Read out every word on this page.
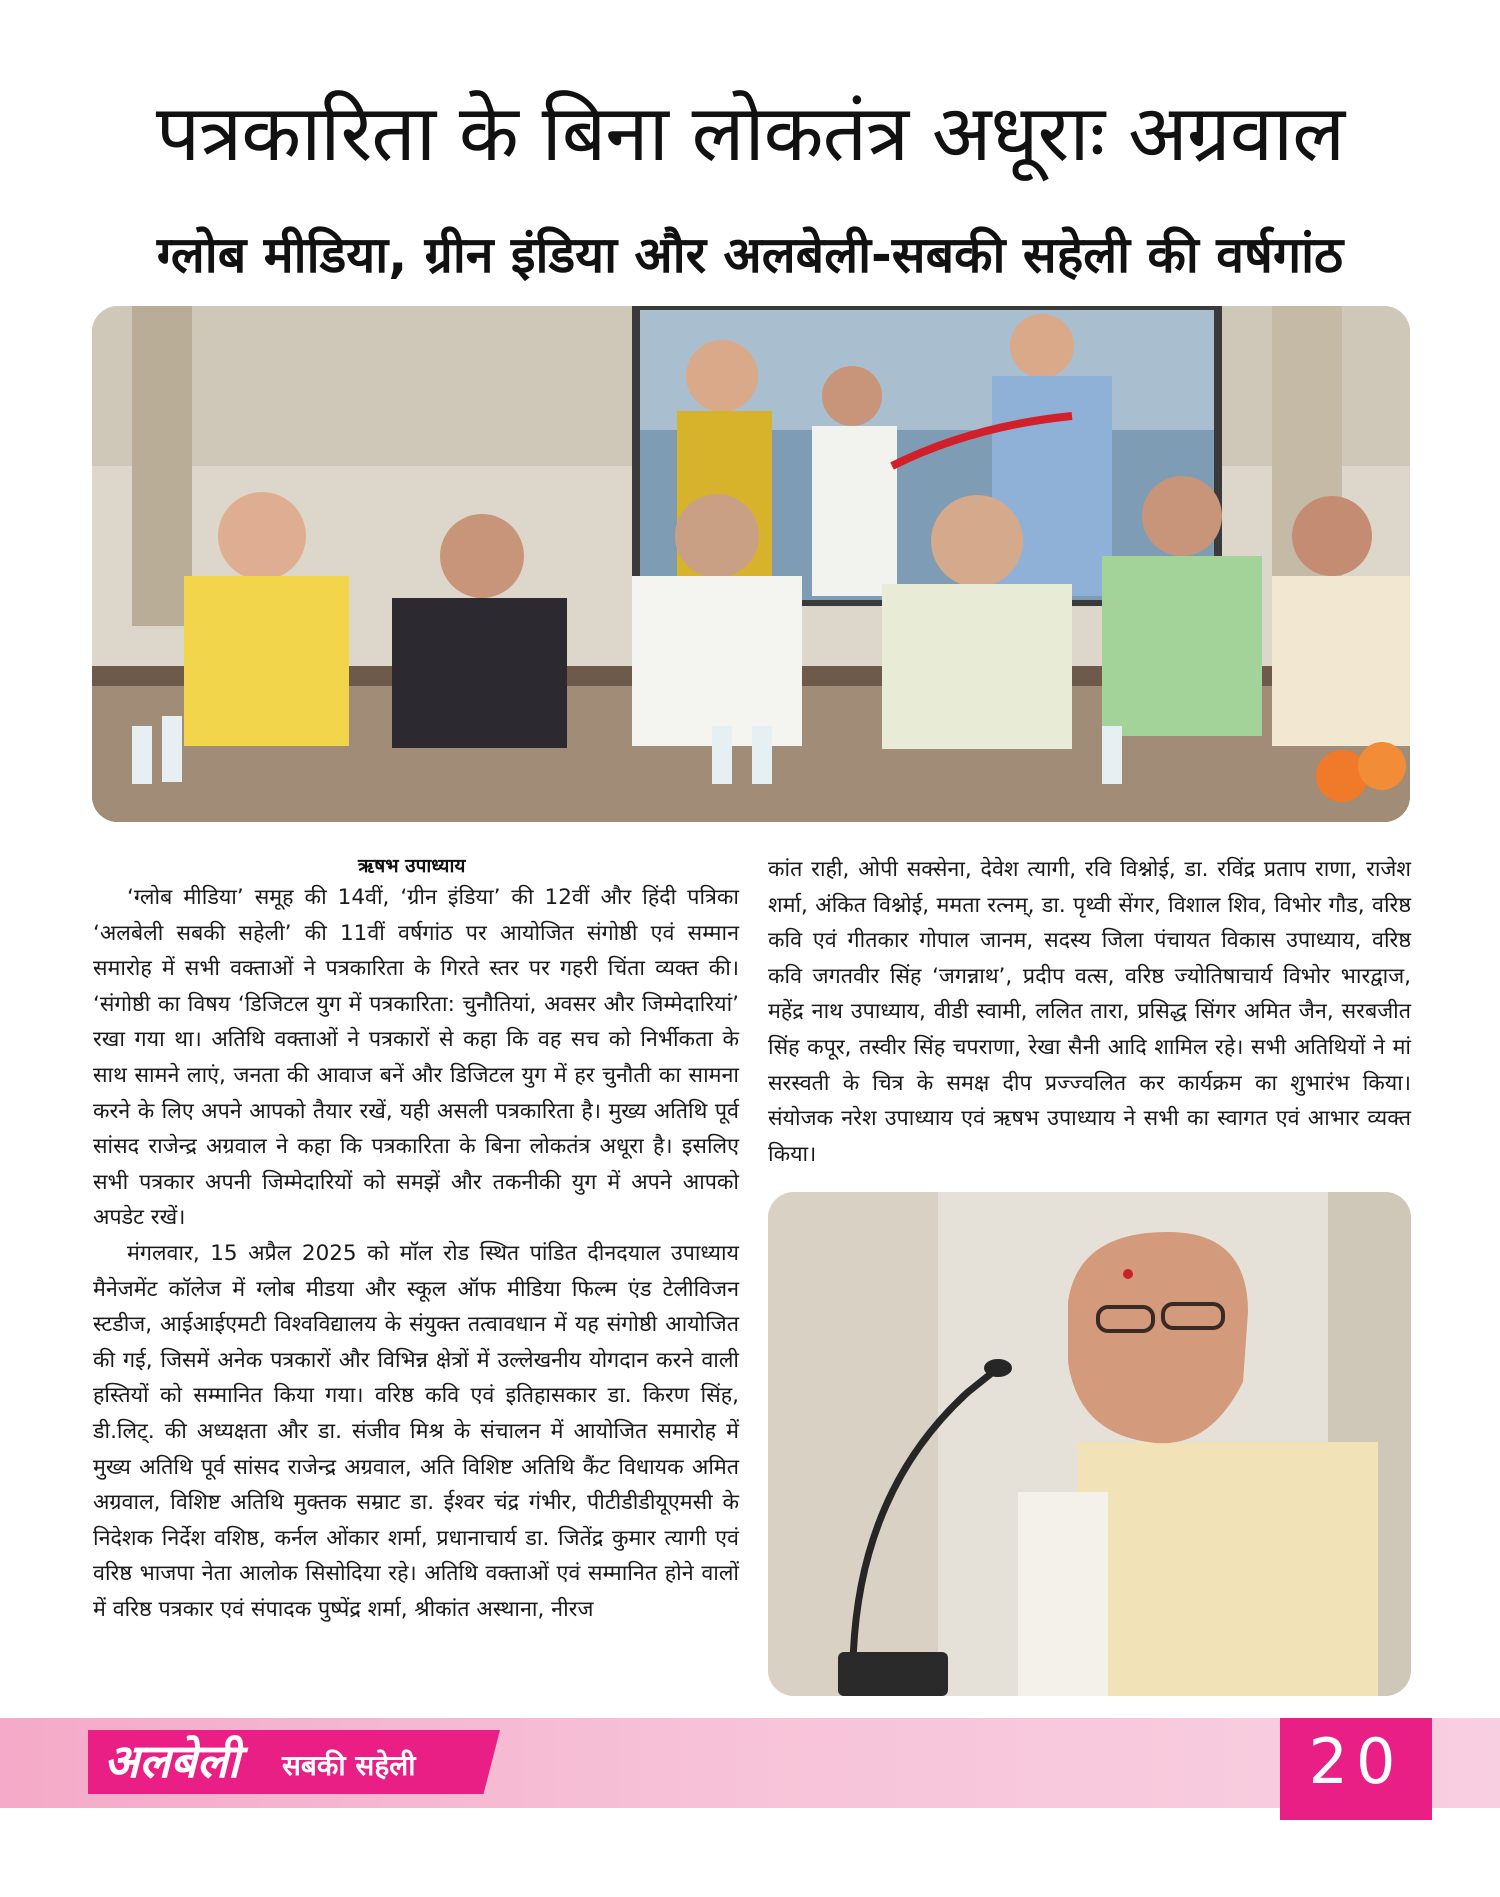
पत्रकारिता के बिना लोकतंत्र अधूराः अग्रवाल
ग्लोब मीडिया, ग्रीन इंडिया और अलबेली-सबकी सहेली की वर्षगांठ
ऋषभ उपाध्याय

‘ग्लोब मीडिया’ समूह की 14वीं, ‘ग्रीन इंडिया’ की 12वीं और हिंदी पत्रिका ‘अलबेली सबकी सहेली’ की 11वीं वर्षगांठ पर आयोजित संगोष्ठी एवं सम्मान समारोह में सभी वक्ताओं ने पत्रकारिता के गिरते स्तर पर गहरी चिंता व्यक्त की। ‘संगोष्ठी का विषय ‘डिजिटल युग में पत्रकारिता: चुनौतियां, अवसर और जिम्मेदारियां’ रखा गया था। अतिथि वक्ताओं ने पत्रकारों से कहा कि वह सच को निर्भीकता के साथ सामने लाएं, जनता की आवाज बनें और डिजिटल युग में हर चुनौती का सामना करने के लिए अपने आपको तैयार रखें, यही असली पत्रकारिता है। मुख्य अतिथि पूर्व सांसद राजेन्द्र अग्रवाल ने कहा कि पत्रकारिता के बिना लोकतंत्र अधूरा है। इसलिए सभी पत्रकार अपनी जिम्मेदारियों को समझें और तकनीकी युग में अपने आपको अपडेट रखें।

मंगलवार, 15 अप्रैल 2025 को मॉल रोड स्थित पांडित दीनदयाल उपाध्याय मैनेजमेंट कॉलेज में ग्लोब मीडया और स्कूल ऑफ मीडिया फिल्म एंड टेलीविजन स्टडीज, आईआईएमटी विश्वविद्यालय के संयुक्त तत्वावधान में यह संगोष्ठी आयोजित की गई, जिसमें अनेक पत्रकारों और विभिन्न क्षेत्रों में उल्लेखनीय योगदान करने वाली हस्तियों को सम्मानित किया गया। वरिष्ठ कवि एवं इतिहासकार डा. किरण सिंह, डी.लिट्. की अध्यक्षता और डा. संजीव मिश्र के संचालन में आयोजित समारोह में मुख्य अतिथि पूर्व सांसद राजेन्द्र अग्रवाल, अति विशिष्ट अतिथि कैंट विधायक अमित अग्रवाल, विशिष्ट अतिथि मुक्तक सम्राट डा. ईश्वर चंद्र गंभीर, पीटीडीडीयूएमसी के निदेशक निर्देश वशिष्ठ, कर्नल ओंकार शर्मा, प्रधानाचार्य डा. जितेंद्र कुमार त्यागी एवं वरिष्ठ भाजपा नेता आलोक सिसोदिया रहे। अतिथि वक्ताओं एवं सम्मानित होने वालों में वरिष्ठ पत्रकार एवं संपादक पुष्पेंद्र शर्मा, श्रीकांत अस्थाना, नीरज

कांत राही, ओपी सक्सेना, देवेश त्यागी, रवि विश्नोई, डा. रविंद्र प्रताप राणा, राजेश शर्मा, अंकित विश्नोई, ममता रत्नम्, डा. पृथ्वी सेंगर, विशाल शिव, विभोर गौड, वरिष्ठ कवि एवं गीतकार गोपाल जानम, सदस्य जिला पंचायत विकास उपाध्याय, वरिष्ठ कवि जगतवीर सिंह ‘जगन्नाथ’, प्रदीप वत्स, वरिष्ठ ज्योतिषाचार्य विभोर भारद्वाज, महेंद्र नाथ उपाध्याय, वीडी स्वामी, ललित तारा, प्रसिद्ध सिंगर अमित जैन, सरबजीत सिंह कपूर, तस्वीर सिंह चपराणा, रेखा सैनी आदि शामिल रहे। सभी अतिथियों ने मां सरस्वती के चित्र के समक्ष दीप प्रज्ज्वलित कर कार्यक्रम का शुभारंभ किया। संयोजक नरेश उपाध्याय एवं ऋषभ उपाध्याय ने सभी का स्वागत एवं आभार व्यक्त किया।

अलबेली सबकी सहेली	20
